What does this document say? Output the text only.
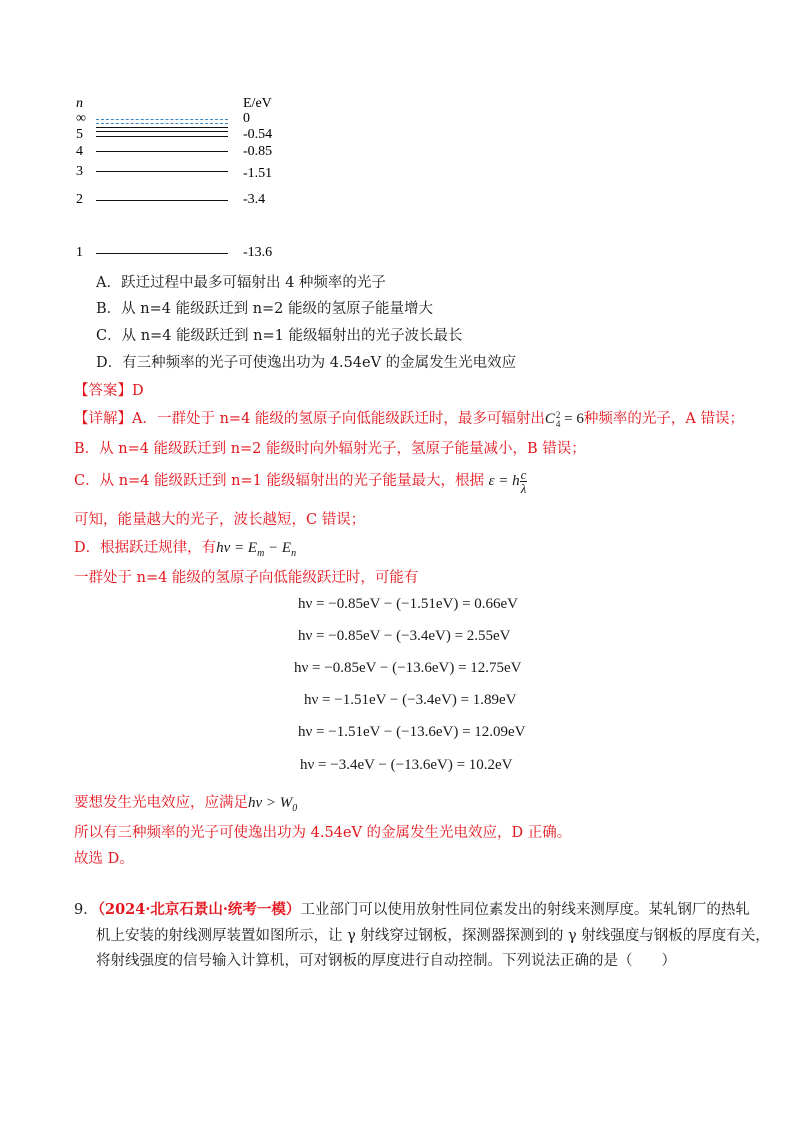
n	E/eV
∞	0
5	-0.54
4	-0.85
3	-1.51
2	-3.4
1	-13.6
A．跃迁过程中最多可辐射出 4 种频率的光子
B．从 n=4 能级跃迁到 n=2 能级的氢原子能量增大
C．从 n=4 能级跃迁到 n=1 能级辐射出的光子波长最长
D．有三种频率的光子可使逸出功为 4.54eV 的金属发生光电效应
【答案】D
【详解】A．一群处于 n=4 能级的氢原子向低能级跃迁时，最多可辐射出C 2
4 = 6种频率的光子，A 错误；
B．从 n=4 能级跃迁到 n=2 能级时向外辐射光子，氢原子能量减小，B 错误；
C．从 n=4 能级跃迁到 n=1 能级辐射出的光子能量最大，根据 ε = h $\frac{c}{\lambda}$
可知，能量越大的光子，波长越短，C 错误；
D．根据跃迁规律，有$h\nu = E_m - E_n$
一群处于 n=4 能级的氢原子向低能级跃迁时，可能有
hν = −0.85eV − (−1.51eV) = 0.66eV
hν = −0.85eV − (−3.4eV) = 2.55eV
hν = −0.85eV − (−13.6eV) = 12.75eV
hν = −1.51eV − (−3.4eV) = 1.89eV
hν = −1.51eV − (−13.6eV) = 12.09eV
hν = −3.4eV − (−13.6eV) = 10.2eV
要想发生光电效应，应满足$h\nu > W_0$
所以有三种频率的光子可使逸出功为 4.54eV 的金属发生光电效应，D 正确。
故选 D。
9．（2024·北京石景山·统考一模）工业部门可以使用放射性同位素发出的射线来测厚度。某轧钢厂的热轧
机上安装的射线测厚装置如图所示，让 γ 射线穿过钢板，探测器探测到的 γ 射线强度与钢板的厚度有关，
将射线强度的信号输入计算机，可对钢板的厚度进行自动控制。下列说法正确的是（　　）
